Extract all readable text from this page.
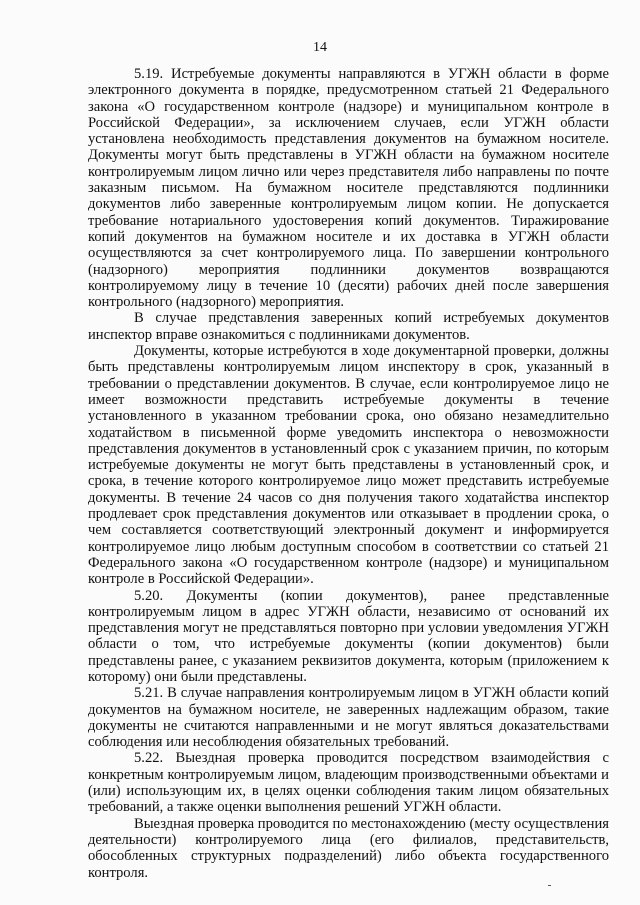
14

5.19. Истребуемые документы направляются в УГЖН области в форме электронного документа в порядке, предусмотренном статьей 21 Федерального закона «О государственном контроле (надзоре) и муниципальном контроле в Российской Федерации», за исключением случаев, если УГЖН области установлена необходимость представления документов на бумажном носителе. Документы могут быть представлены в УГЖН области на бумажном носителе контролируемым лицом лично или через представителя либо направлены по почте заказным письмом. На бумажном носителе представляются подлинники документов либо заверенные контролируемым лицом копии. Не допускается требование нотариального удостоверения копий документов. Тиражирование копий документов на бумажном носителе и их доставка в УГЖН области осуществляются за счет контролируемого лица. По завершении контрольного (надзорного) мероприятия подлинники документов возвращаются контролируемому лицу в течение 10 (десяти) рабочих дней после завершения контрольного (надзорного) мероприятия.

В случае представления заверенных копий истребуемых документов инспектор вправе ознакомиться с подлинниками документов.

Документы, которые истребуются в ходе документарной проверки, должны быть представлены контролируемым лицом инспектору в срок, указанный в требовании о представлении документов. В случае, если контролируемое лицо не имеет возможности представить истребуемые документы в течение установленного в указанном требовании срока, оно обязано незамедлительно ходатайством в письменной форме уведомить инспектора о невозможности представления документов в установленный срок с указанием причин, по которым истребуемые документы не могут быть представлены в установленный срок, и срока, в течение которого контролируемое лицо может представить истребуемые документы. В течение 24 часов со дня получения такого ходатайства инспектор продлевает срок представления документов или отказывает в продлении срока, о чем составляется соответствующий электронный документ и информируется контролируемое лицо любым доступным способом в соответствии со статьей 21 Федерального закона «О государственном контроле (надзоре) и муниципальном контроле в Российской Федерации».

5.20. Документы (копии документов), ранее представленные контролируемым лицом в адрес УГЖН области, независимо от оснований их представления могут не представляться повторно при условии уведомления УГЖН области о том, что истребуемые документы (копии документов) были представлены ранее, с указанием реквизитов документа, которым (приложением к которому) они были представлены.

5.21. В случае направления контролируемым лицом в УГЖН области копий документов на бумажном носителе, не заверенных надлежащим образом, такие документы не считаются направленными и не могут являться доказательствами соблюдения или несоблюдения обязательных требований.

5.22. Выездная проверка проводится посредством взаимодействия с конкретным контролируемым лицом, владеющим производственными объектами и (или) использующим их, в целях оценки соблюдения таким лицом обязательных требований, а также оценки выполнения решений УГЖН области.

Выездная проверка проводится по местонахождению (месту осуществления деятельности) контролируемого лица (его филиалов, представительств, обособленных структурных подразделений) либо объекта государственного контроля.
